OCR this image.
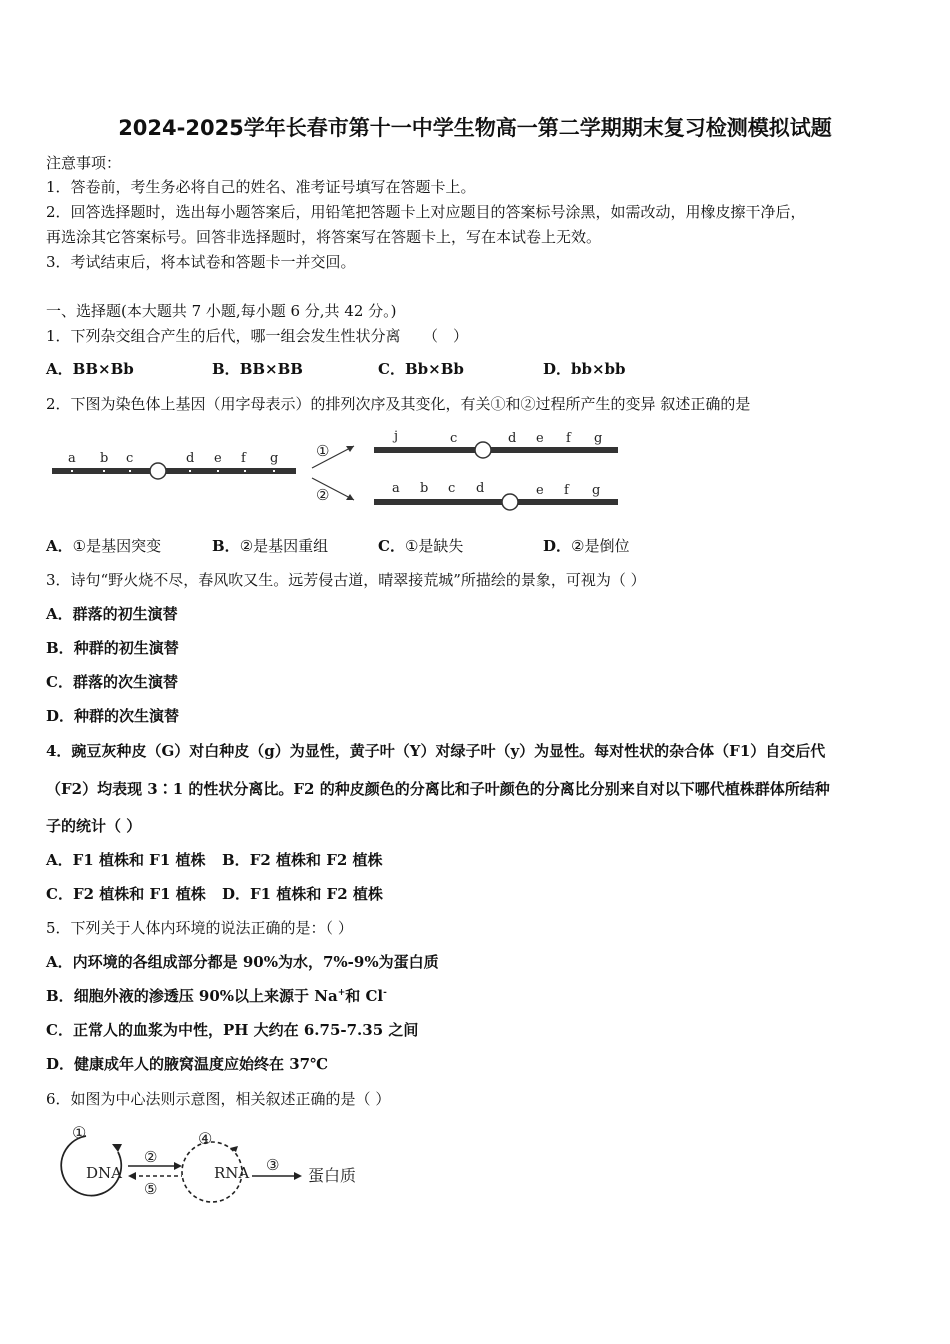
2024-2025学年长春市第十一中学生物高一第二学期期末复习检测模拟试题
注意事项：
1．答卷前，考生务必将自己的姓名、准考证号填写在答题卡上。
2．回答选择题时，选出每小题答案后，用铅笔把答题卡上对应题目的答案标号涂黑，如需改动，用橡皮擦干净后，
再选涂其它答案标号。回答非选择题时，将答案写在答题卡上，写在本试卷上无效。
3．考试结束后，将本试卷和答题卡一并交回。
一、选择题(本大题共 7 小题,每小题 6 分,共 42 分。)
1．下列杂交组合产生的后代，哪一组会发生性状分离　　（　）
A．BB×Bb	B．BB×BB	C．Bb×Bb	D．bb×bb
2．下图为染色体上基因（用字母表示）的排列次序及其变化，有关①和②过程所产生的变异 叙述正确的是
a b c	d e f g	①
②
j	c	d e f g
a b c d	e f g
A．①是基因突变	B．②是基因重组	C．①是缺失	D．②是倒位
3．诗句“野火烧不尽，春风吹又生。远芳侵古道，晴翠接荒城”所描绘的景象，可视为（ ）
A．群落的初生演替
B．种群的初生演替
C．群落的次生演替
D．种群的次生演替
4．豌豆灰种皮（G）对白种皮（g）为显性，黄子叶（Y）对绿子叶（y）为显性。每对性状的杂合体（F1）自交后代
（F2）均表现 3∶1 的性状分离比。F2 的种皮颜色的分离比和子叶颜色的分离比分别来自对以下哪代植株群体所结种
子的统计（ ）
A．F1 植株和 F1 植株 B．F2 植株和 F2 植株
C．F2 植株和 F1 植株 D．F1 植株和 F2 植株
5．下列关于人体内环境的说法正确的是：（ ）
A．内环境的各组成部分都是 90%为水，7%-9%为蛋白质
B．细胞外液的渗透压 90%以上来源于 Na+和 Cl-
C．正常人的血浆为中性，PH 大约在 6.75-7.35 之间
D．健康成年人的腋窝温度应始终在 37℃
6．如图为中心法则示意图，相关叙述正确的是（ ）
①
DNA
②
⑤
④
RNA ③
蛋白质
